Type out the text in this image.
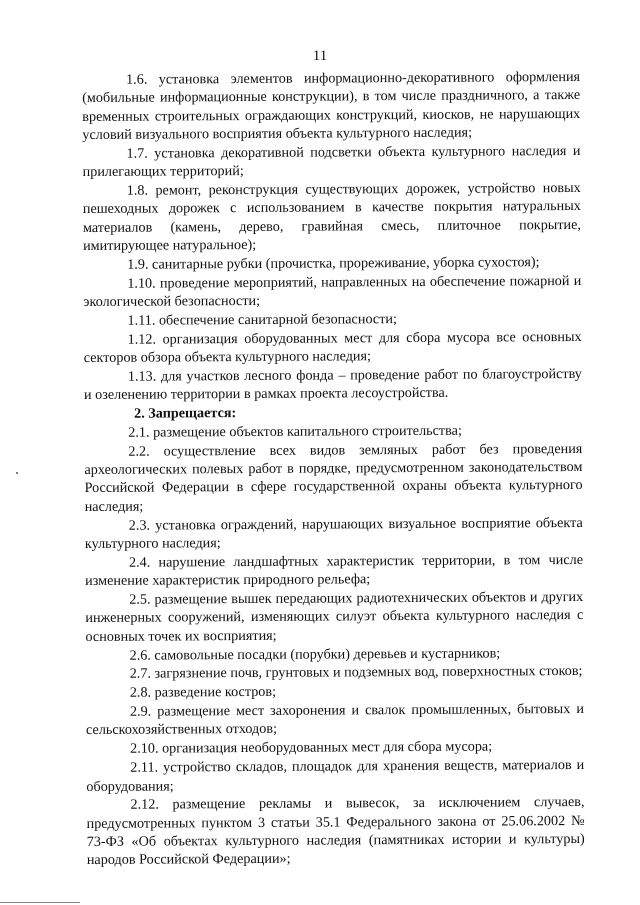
11

1.6. установка элементов информационно-декоративного оформления (мобильные информационные конструкции), в том числе праздничного, а также временных строительных ограждающих конструкций, киосков, не нарушающих условий визуального восприятия объекта культурного наследия;

1.7. установка декоративной подсветки объекта культурного наследия и прилегающих территорий;

1.8. ремонт, реконструкция существующих дорожек, устройство новых пешеходных дорожек с использованием в качестве покрытия натуральных материалов (камень, дерево, гравийная смесь, плиточное покрытие, имитирующее натуральное);

1.9. санитарные рубки (прочистка, прореживание, уборка сухостоя);

1.10. проведение мероприятий, направленных на обеспечение пожарной и экологической безопасности;

1.11. обеспечение санитарной безопасности;

1.12. организация оборудованных мест для сбора мусора все основных секторов обзора объекта культурного наследия;

1.13. для участков лесного фонда – проведение работ по благоустройству и озеленению территории в рамках проекта лесоустройства.

2. Запрещается:

2.1. размещение объектов капитального строительства;

2.2. осуществление всех видов земляных работ без проведения археологических полевых работ в порядке, предусмотренном законодательством Российской Федерации в сфере государственной охраны объекта культурного наследия;

2.3. установка ограждений, нарушающих визуальное восприятие объекта культурного наследия;

2.4. нарушение ландшафтных характеристик территории, в том числе изменение характеристик природного рельефа;

2.5. размещение вышек передающих радиотехнических объектов и других инженерных сооружений, изменяющих силуэт объекта культурного наследия с основных точек их восприятия;

2.6. самовольные посадки (порубки) деревьев и кустарников;

2.7. загрязнение почв, грунтовых и подземных вод, поверхностных стоков;

2.8. разведение костров;

2.9. размещение мест захоронения и свалок промышленных, бытовых и сельскохозяйственных отходов;

2.10. организация необорудованных мест для сбора мусора;

2.11. устройство складов, площадок для хранения веществ, материалов и оборудования;

2.12. размещение рекламы и вывесок, за исключением случаев, предусмотренных пунктом 3 статьи 35.1 Федерального закона от 25.06.2002 № 73-ФЗ «Об объектах культурного наследия (памятниках истории и культуры) народов Российской Федерации»;
